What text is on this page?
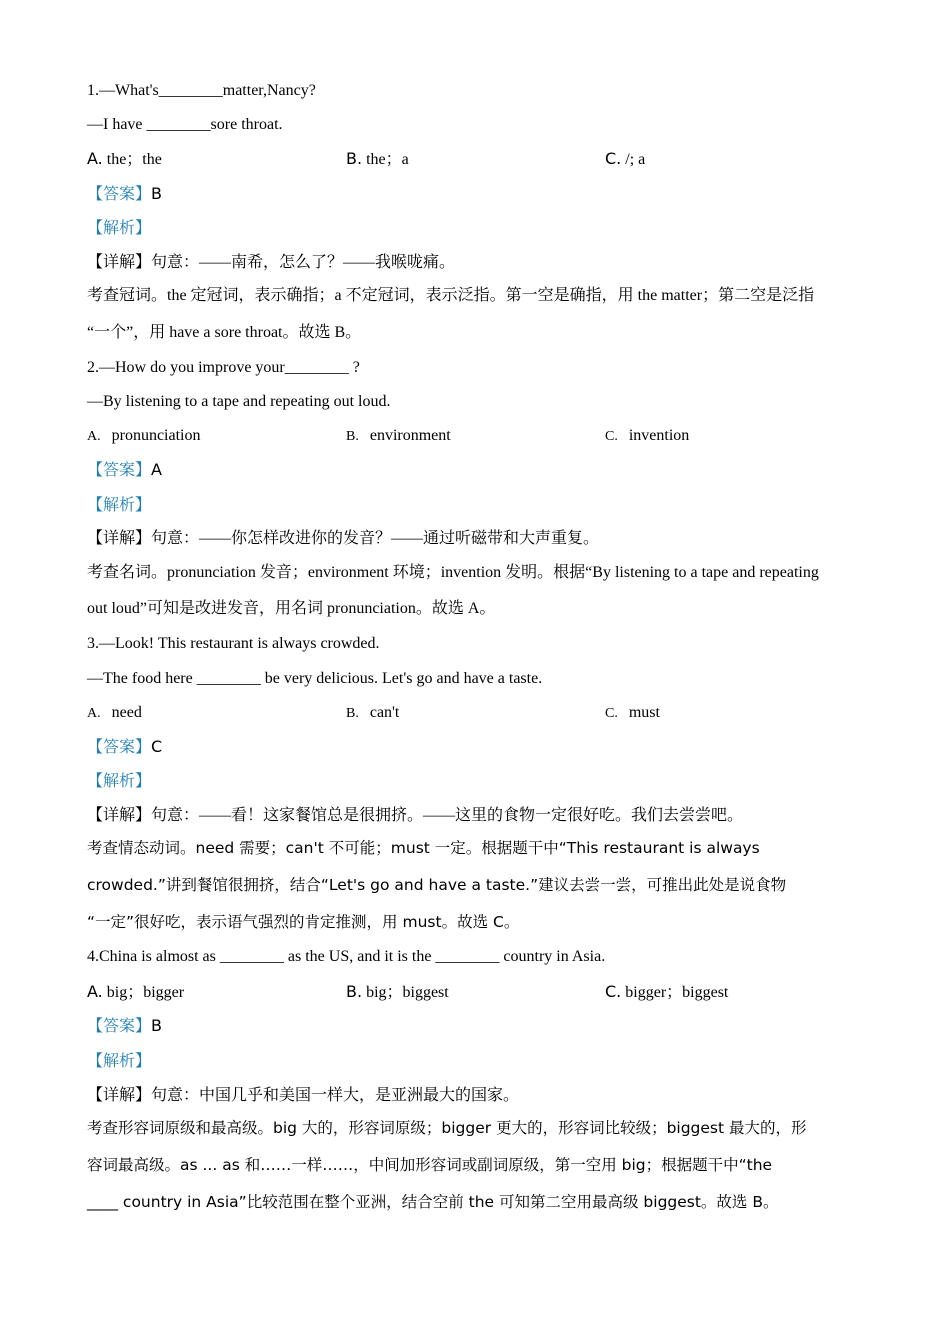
1.—What's________matter,Nancy?
—I have ________sore throat.
A. the；the	B. the；a	C. /; a
【答案】B
【解析】
【详解】句意：——南希，怎么了？——我喉咙痛。
考查冠词。the 定冠词，表示确指；a 不定冠词，表示泛指。第一空是确指，用 the matter；第二空是泛指
“一个”，用 have a sore throat。故选 B。
2.—How do you improve your________ ?
—By listening to a tape and repeating out loud.
A. pronunciation	B. environment	C. invention
【答案】A
【解析】
【详解】句意：——你怎样改进你的发音？——通过听磁带和大声重复。
考查名词。pronunciation 发音；environment 环境；invention 发明。根据“By listening to a tape and repeating
out loud”可知是改进发音，用名词 pronunciation。故选 A。
3.—Look! This restaurant is always crowded.
—The food here ________ be very delicious. Let's go and have a taste.
A. need	B. can't	C. must
【答案】C
【解析】
【详解】句意：——看！这家餐馆总是很拥挤。——这里的食物一定很好吃。我们去尝尝吧。
考查情态动词。need 需要；can't 不可能；must 一定。根据题干中“This restaurant is always
crowded.”讲到餐馆很拥挤，结合“Let's go and have a taste.”建议去尝一尝，可推出此处是说食物
“一定”很好吃，表示语气强烈的肯定推测，用 must。故选 C。
4.China is almost as ________ as the US, and it is the ________ country in Asia.
A. big；bigger	B. big；biggest	C. bigger；biggest
【答案】B
【解析】
【详解】句意：中国几乎和美国一样大，是亚洲最大的国家。
考查形容词原级和最高级。big 大的，形容词原级；bigger 更大的，形容词比较级；biggest 最大的，形
容词最高级。as ... as 和……一样……，中间加形容词或副词原级，第一空用 big；根据题干中“the
____ country in Asia”比较范围在整个亚洲，结合空前 the 可知第二空用最高级 biggest。故选 B。
